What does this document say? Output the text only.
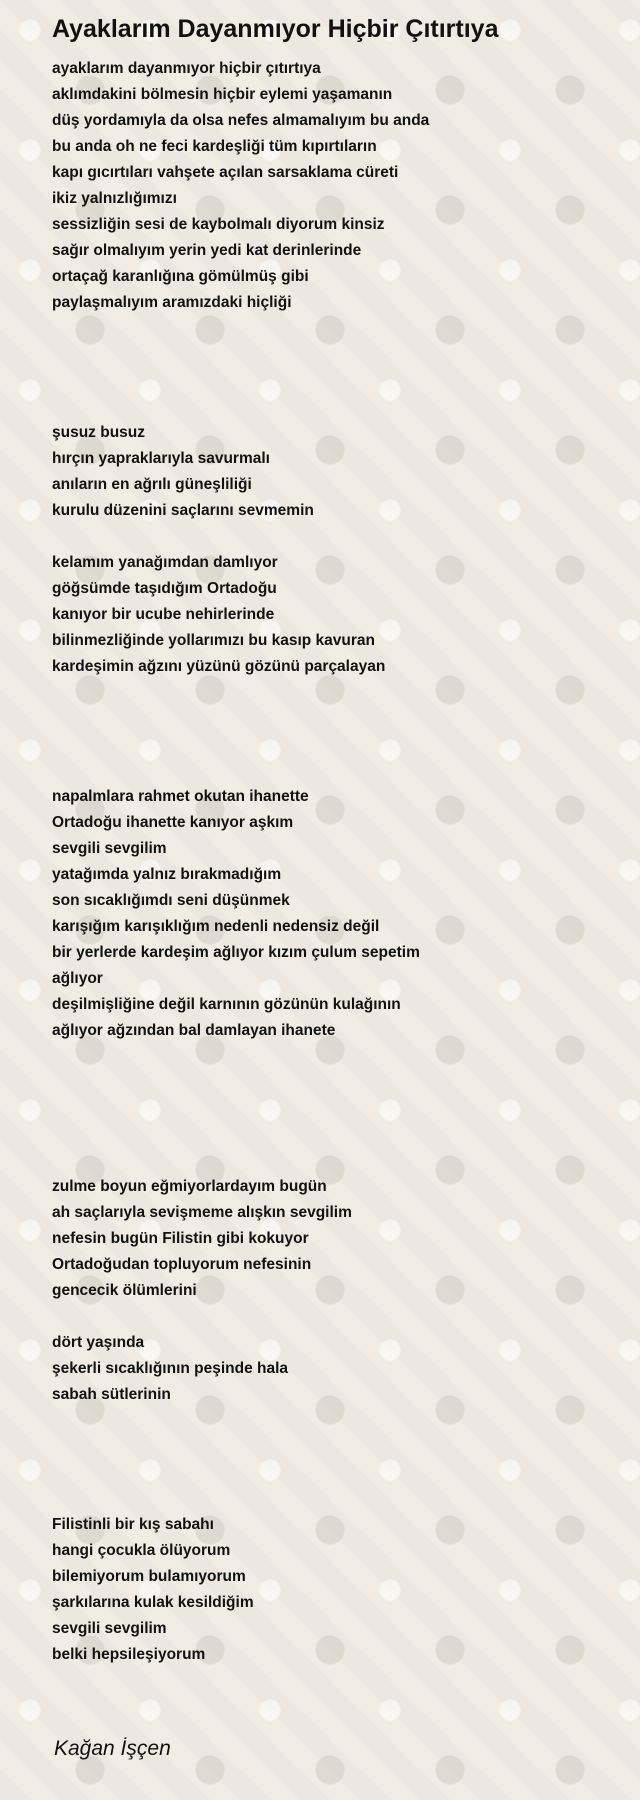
Ayaklarım Dayanmıyor Hiçbir Çıtırtıya
ayaklarım dayanmıyor hiçbir çıtırtıya
aklımdakini bölmesin hiçbir eylemi yaşamanın
düş yordamıyla da olsa nefes almamalıyım bu anda
bu anda oh ne feci kardeşliği tüm kıpırtıların
kapı gıcırtıları vahşete açılan sarsaklama cüreti
ikiz yalnızlığımızı
sessizliğin sesi de kaybolmalı diyorum kinsiz
sağır olmalıyım yerin yedi kat derinlerinde
ortaçağ karanlığına gömülmüş gibi
paylaşmalıyım aramızdaki hiçliği
şusuz busuz
hırçın yapraklarıyla savurmalı
anıların en ağrılı güneşliliği
kurulu düzenini saçlarını sevmemin
kelamım yanağımdan damlıyor
göğsümde taşıdığım Ortadoğu
kanıyor bir ucube nehirlerinde
bilinmezliğinde yollarımızı bu kasıp kavuran
kardeşimin ağzını yüzünü gözünü parçalayan
napalmlara rahmet okutan ihanette
Ortadoğu ihanette kanıyor aşkım
sevgili sevgilim
yatağımda yalnız bırakmadığım
son sıcaklığımdı seni düşünmek
karışığım karışıklığım nedenli nedensiz değil
bir yerlerde kardeşim ağlıyor kızım çulum sepetim
ağlıyor
deşilmişliğine değil karnının gözünün kulağının
ağlıyor ağzından bal damlayan ihanete
zulme boyun eğmiyorlardayım bugün
ah saçlarıyla sevişmeme alışkın sevgilim
nefesin bugün Filistin gibi kokuyor
Ortadoğudan topluyorum nefesinin
gencecik ölümlerini
dört yaşında
şekerli sıcaklığının peşinde hala
sabah sütlerinin
Filistinli bir kış sabahı
hangi çocukla ölüyorum
bilemiyorum bulamıyorum
şarkılarına kulak kesildiğim
sevgili sevgilim
belki hepsileşiyorum
Kağan İşçen
